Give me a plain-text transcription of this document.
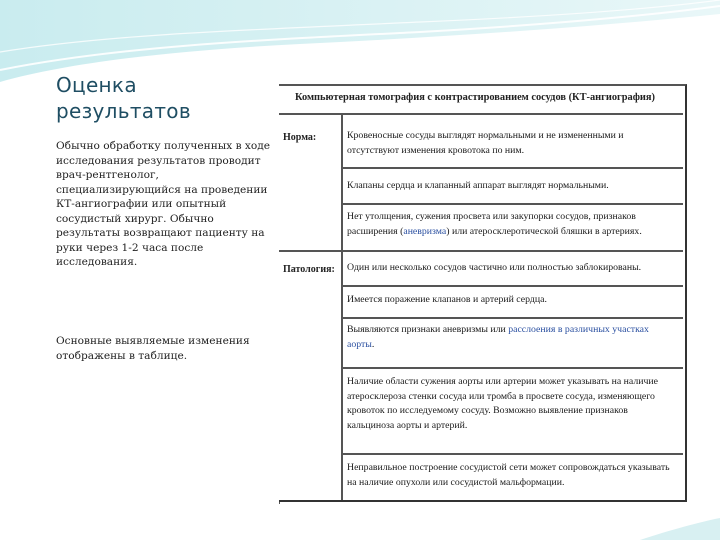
Оценка результатов
Обычно обработку полученных в ходе исследования результатов проводит врач-рентгенолог, специализирующийся на проведении КТ-ангиографии или опытный сосудистый хирург. Обычно результаты возвращают пациенту на руки через 1-2 часа после исследования.
Основные выявляемые изменения отображены в таблице.
Компьютерная томография с контрастированием сосудов (КТ-ангиография)
Норма:
Патология:
Кровеносные сосуды выглядят нормальными и не измененными и отсутствуют изменения кровотока по ним.
Клапаны сердца и клапанный аппарат выглядят нормальными.
Нет утолщения, сужения просвета или закупорки сосудов, признаков расширения (аневризма) или атеросклеротической бляшки в артериях.
Один или несколько сосудов частично или полностью заблокированы.
Имеется поражение клапанов и артерий сердца.
Выявляются признаки аневризмы или расслоения в различных участках аорты.
Наличие области сужения аорты или артерии может указывать на наличие атеросклероза стенки сосуда или тромба в просвете сосуда, изменяющего кровоток по исследуемому сосуду. Возможно выявление признаков кальциноза аорты и артерий.
Неправильное построение сосудистой сети может сопровождаться указывать на наличие опухоли или сосудистой мальформации.
